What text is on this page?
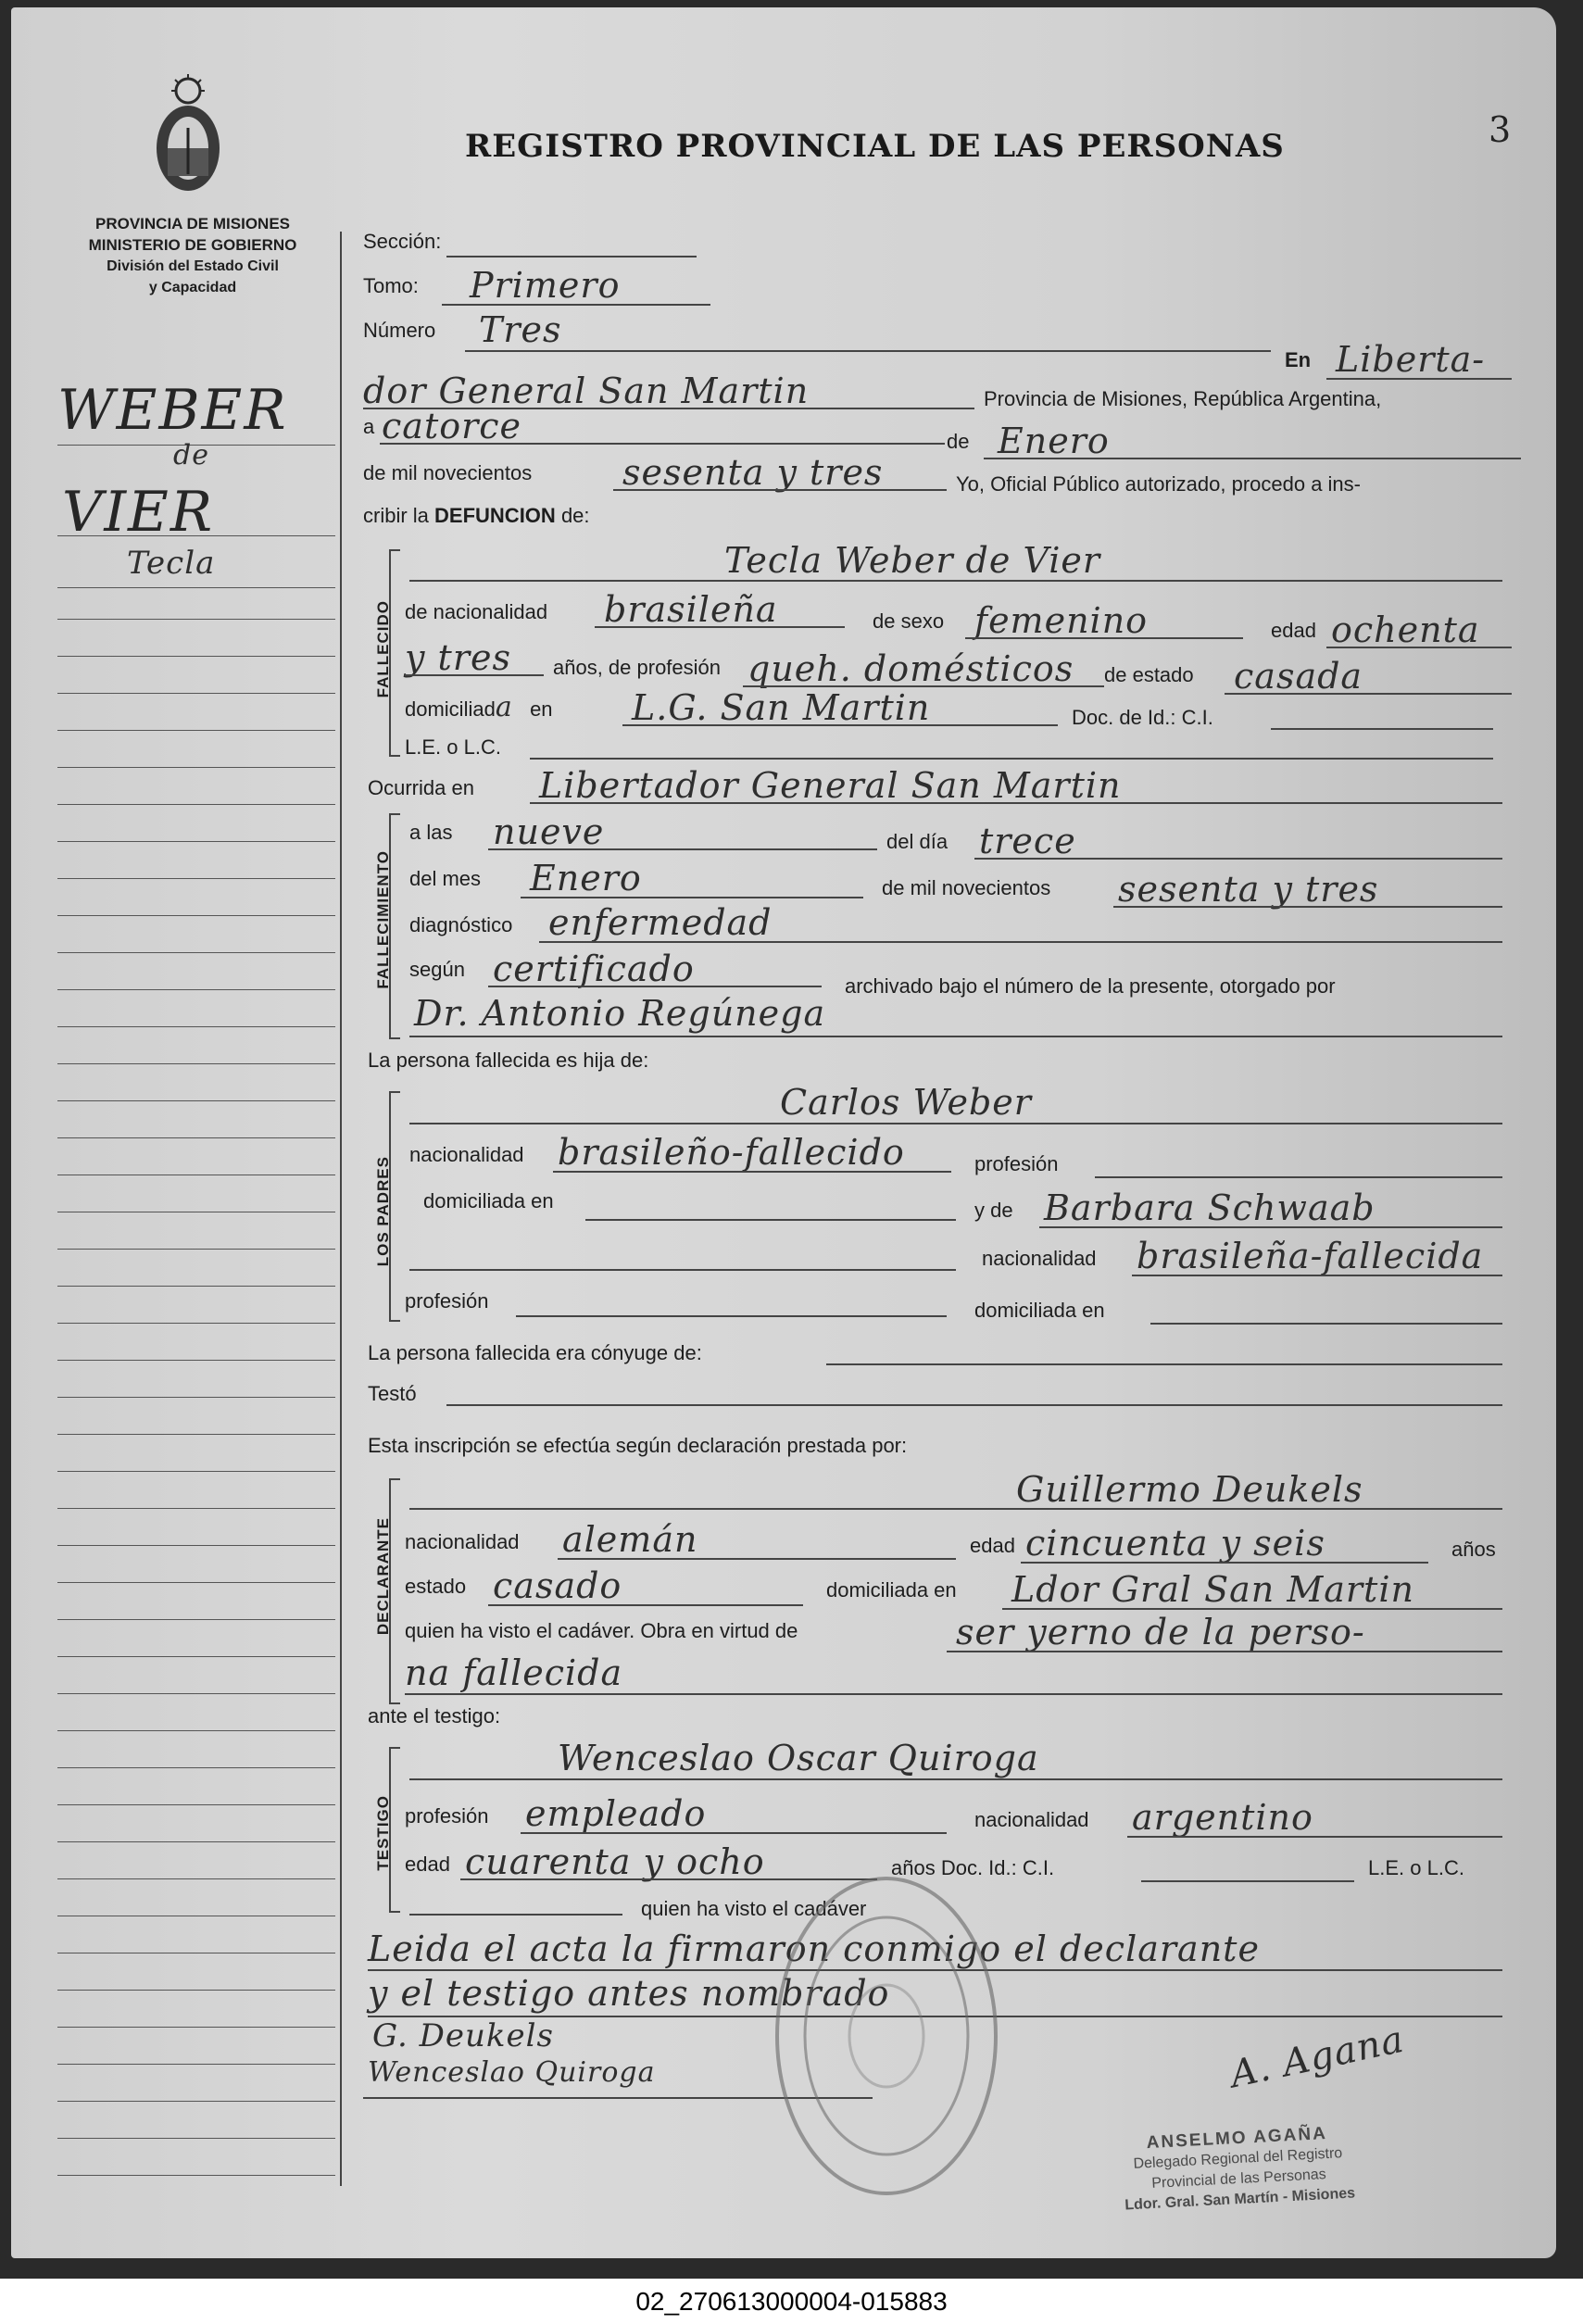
PROVINCIA DE MISIONES
MINISTERIO DE GOBIERNO
División del Estado Civil
y Capacidad
REGISTRO PROVINCIAL DE LAS PERSONAS	3
WEBER
de
VIER
Tecla
Sección:
Tomo: Primero
Número Tres
En Liberta-
dor General San Martin	Provincia de Misiones, República Argentina,
a catorce	de Enero
de mil novecientos	sesenta y tres	Yo, Oficial Público autorizado, procedo a ins-
cribir la DEFUNCION de:
FALLECIDO
Tecla Weber de Vier
de nacionalidad brasileña	de sexo femenino	edad ochenta
y tres años, de profesión queh. domésticos de estado casada
domiciliada en L.G. San Martin	Doc. de Id.: C.I.
L.E. o L.C.
Ocurrida en Libertador General San Martin
FALLECIMIENTO
a las nueve	del día trece
del mes Enero	de mil novecientos sesenta y tres
diagnóstico enfermedad
según certificado	archivado bajo el número de la presente, otorgado por
Dr. Antonio Regúnega
La persona fallecida es hija de:
LOS PADRES
Carlos Weber
nacionalidad brasileño-fallecido	profesión
domiciliada en	y de Barbara Schwaab
nacionalidad brasileña-fallecida
profesión	domiciliada en
La persona fallecida era cónyuge de:
Testó
Esta inscripción se efectúa según declaración prestada por:
DECLARANTE
Guillermo Deukels
nacionalidad alemán	edad cincuenta y seis	años
estado casado	domiciliada en Ldor Gral San Martin
quien ha visto el cadáver. Obra en virtud de	ser yerno de la perso-
na fallecida
ante el testigo:
TESTIGO
Wenceslao Oscar Quiroga
profesión empleado	nacionalidad argentino
edad cuarenta y ocho	años Doc. Id.: C.I.	L.E. o L.C.
quien ha visto el cadáver
Leida el acta la firmaron conmigo el declarante
y el testigo antes nombrado
G. Deukels
Wenceslao Quiroga	A. Agana
ANSELMO AGAÑA
Delegado Regional del Registro
Provincial de las Personas
Ldor. Gral. San Martín - Misiones
02_270613000004-015883
